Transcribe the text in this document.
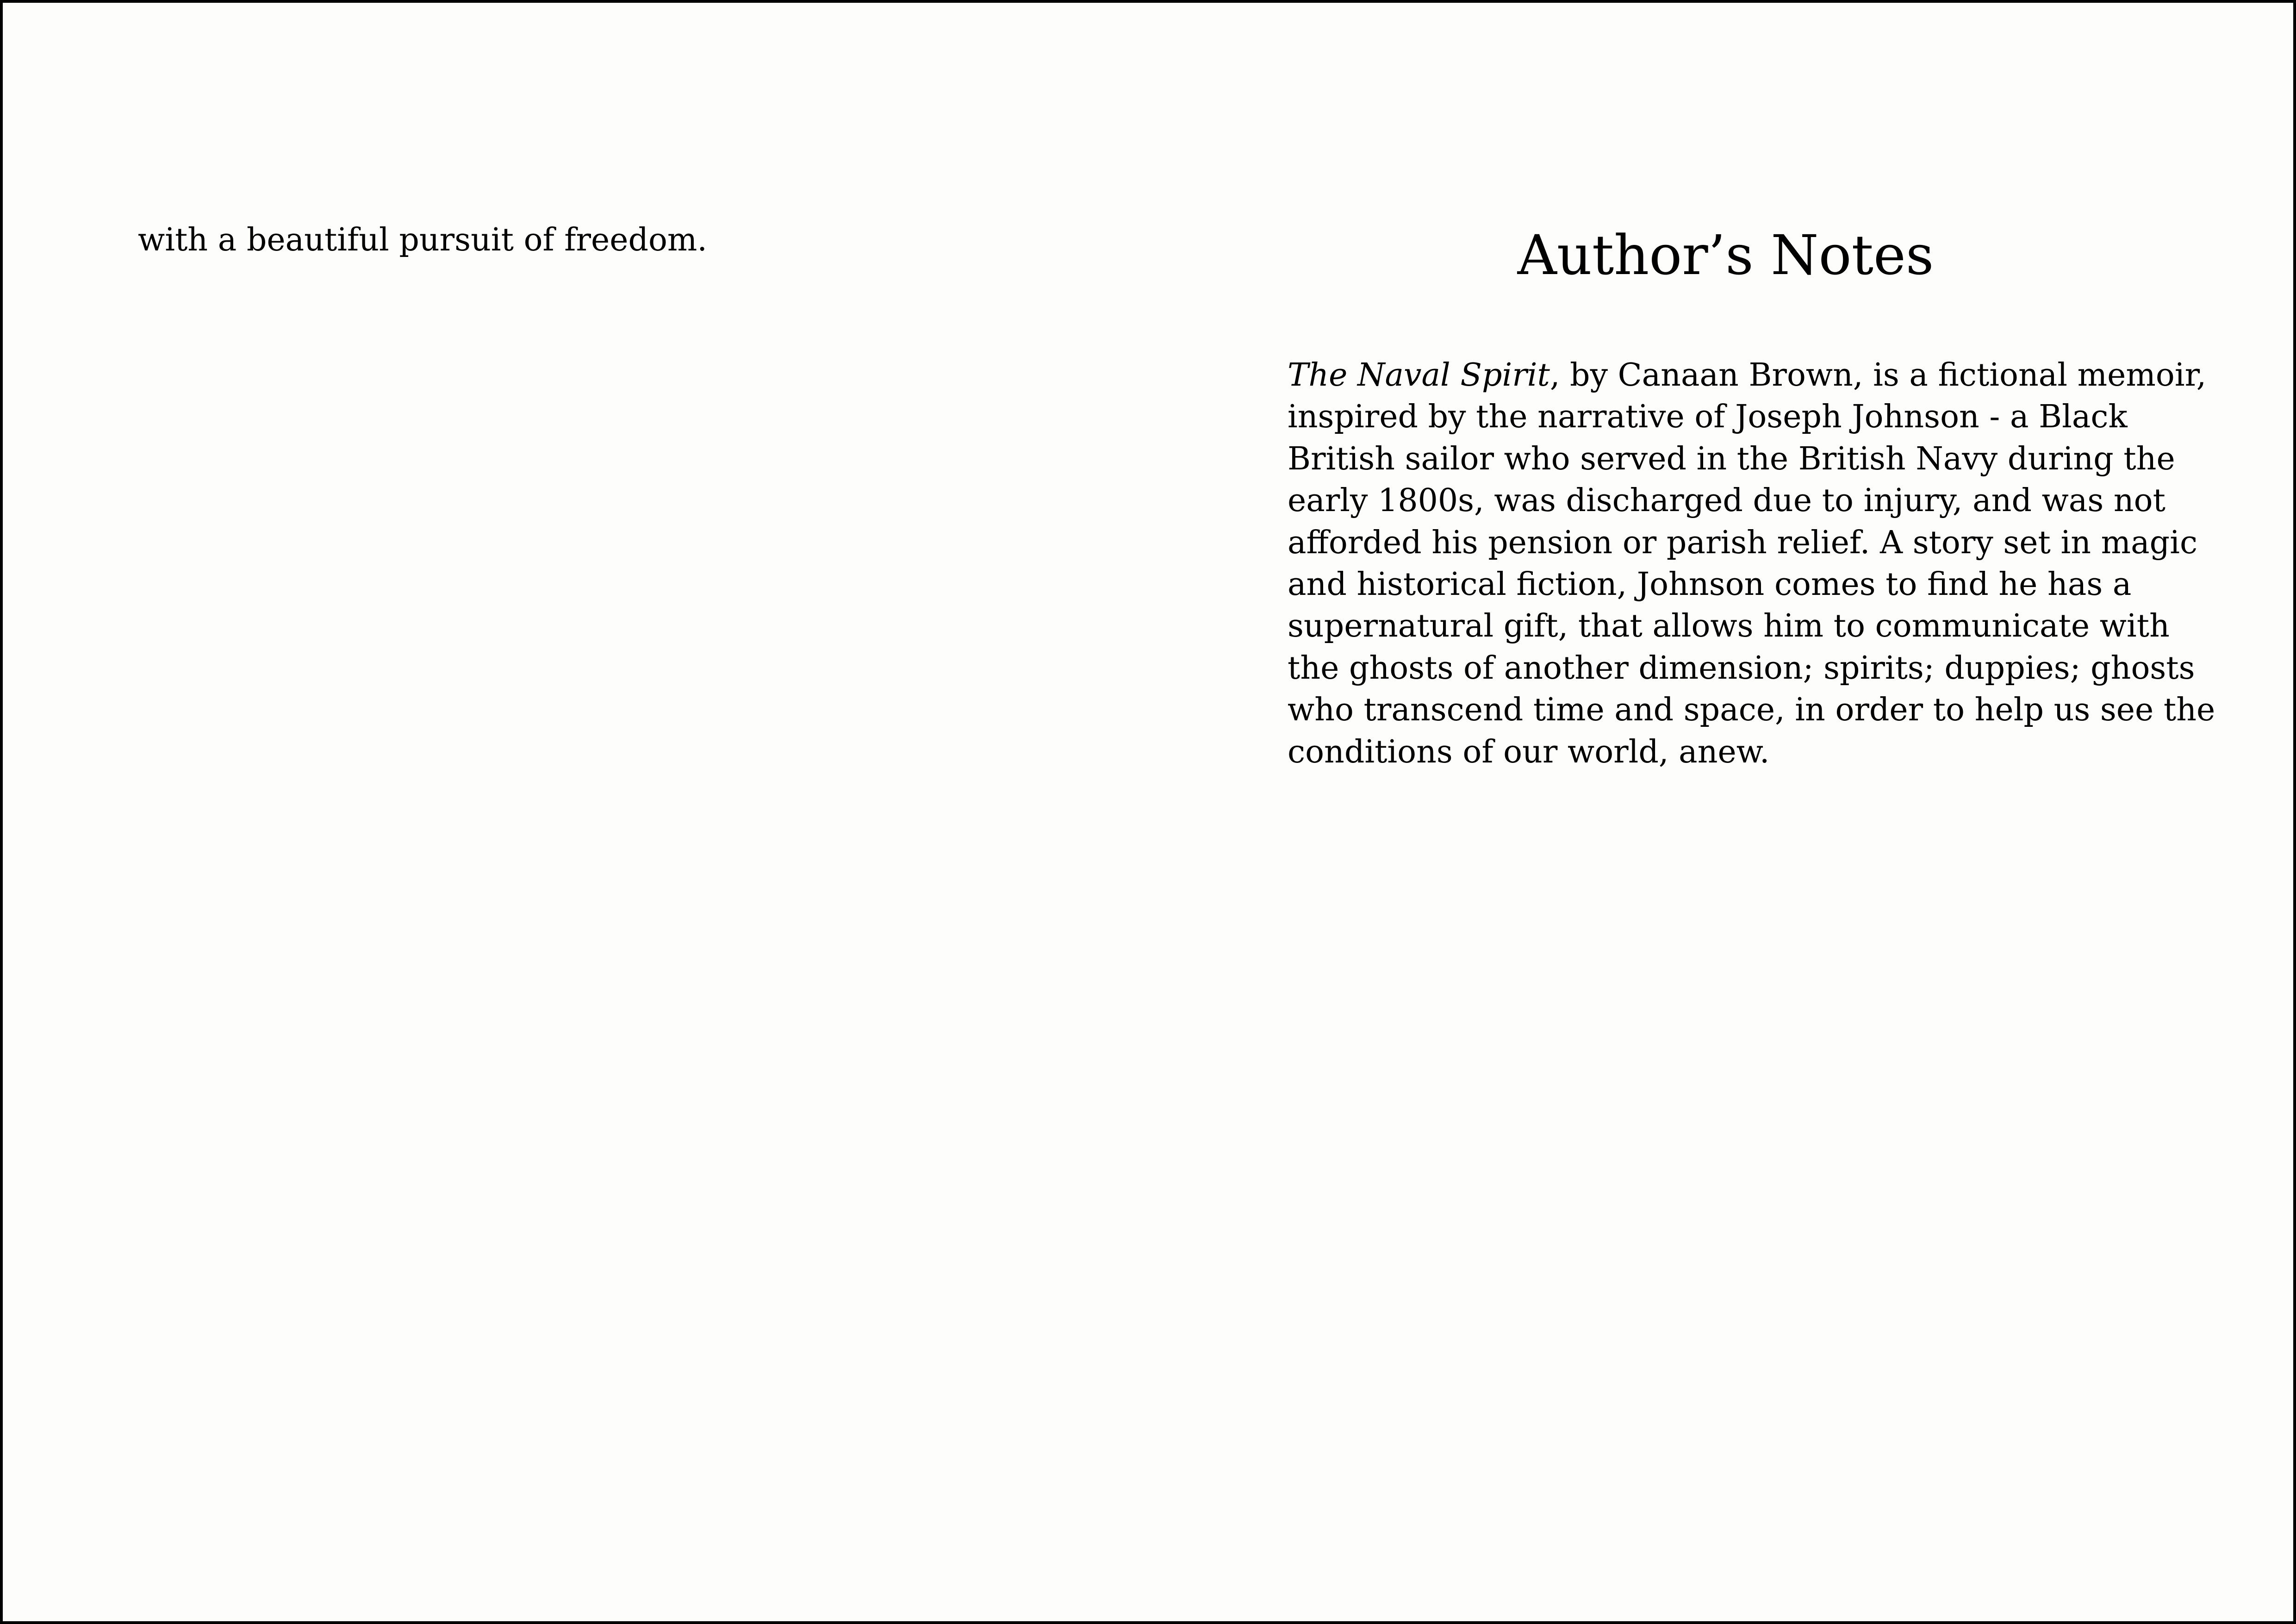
with a beautiful pursuit of freedom.	Author’s Notes
The Naval Spirit, by Canaan Brown, is a fictional memoir,
inspired by the narrative of Joseph Johnson - a Black
British sailor who served in the British Navy during the
early 1800s, was discharged due to injury, and was not
afforded his pension or parish relief. A story set in magic
and historical fiction, Johnson comes to find he has a
supernatural gift, that allows him to communicate with
the ghosts of another dimension; spirits; duppies; ghosts
who transcend time and space, in order to help us see the
conditions of our world, anew.
